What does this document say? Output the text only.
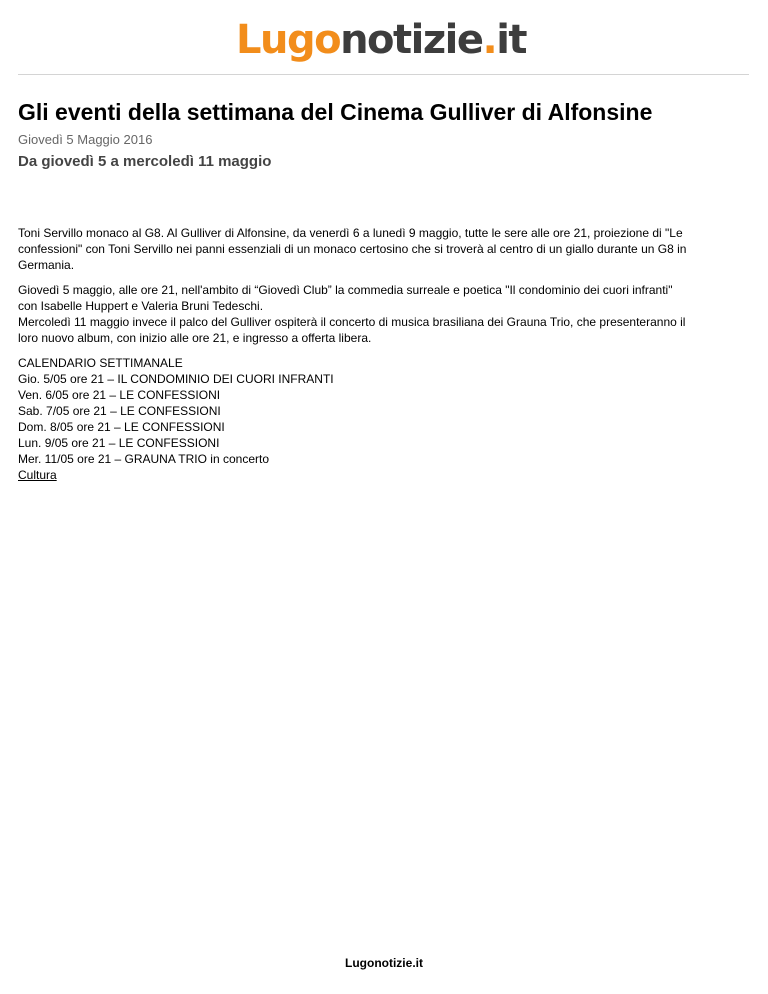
Lugonotizie.it
Gli eventi della settimana del Cinema Gulliver di Alfonsine
Giovedì 5 Maggio 2016
Da giovedì 5 a mercoledì 11 maggio

Toni Servillo monaco al G8. Al Gulliver di Alfonsine, da venerdì 6 a lunedì 9 maggio, tutte le sere alle ore 21, proiezione di "Le
confessioni" con Toni Servillo nei panni essenziali di un monaco certosino che si troverà al centro di un giallo durante un G8 in
Germania.

Giovedì 5 maggio, alle ore 21, nell'ambito di “Giovedì Club” la commedia surreale e poetica "Il condominio dei cuori infranti"
con Isabelle Huppert e Valeria Bruni Tedeschi.
Mercoledì 11 maggio invece il palco del Gulliver ospiterà il concerto di musica brasiliana dei Grauna Trio, che presenteranno il
loro nuovo album, con inizio alle ore 21, e ingresso a offerta libera.

CALENDARIO SETTIMANALE
Gio. 5/05 ore 21 – IL CONDOMINIO DEI CUORI INFRANTI
Ven. 6/05 ore 21 – LE CONFESSIONI
Sab. 7/05 ore 21 – LE CONFESSIONI
Dom. 8/05 ore 21 – LE CONFESSIONI
Lun. 9/05 ore 21 – LE CONFESSIONI
Mer. 11/05 ore 21 – GRAUNA TRIO in concerto
Cultura
Lugonotizie.it
